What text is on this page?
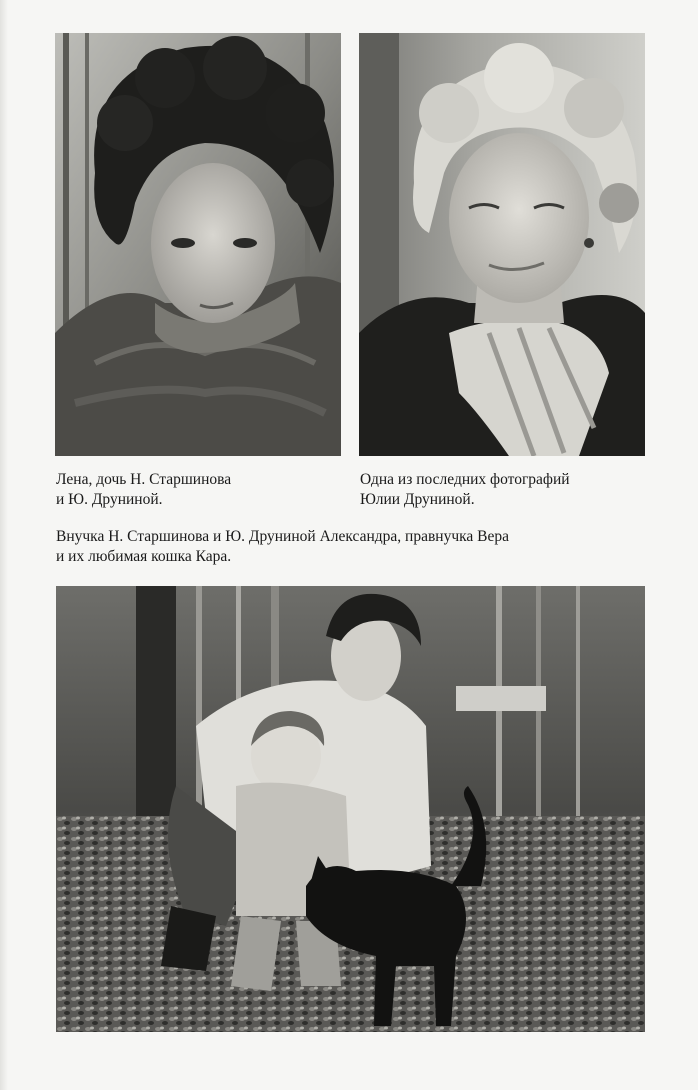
Лена, дочь Н. Старшинова
и Ю. Друниной.
Одна из последних фотографий
Юлии Друниной.
Внучка Н. Старшинова и Ю. Друниной Александра, правнучка Вера
и их любимая кошка Кара.
